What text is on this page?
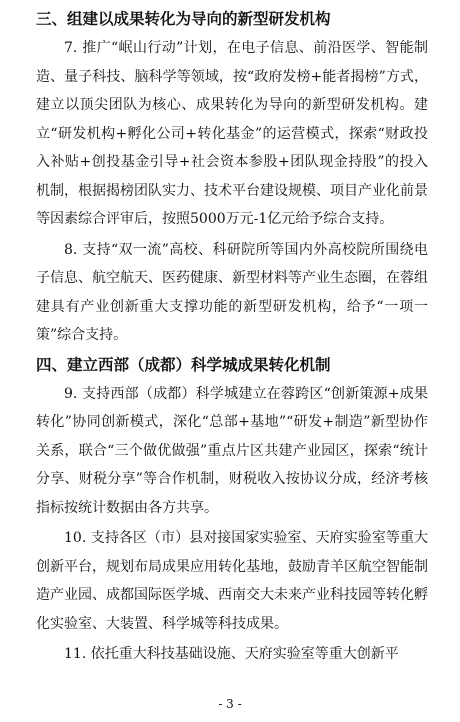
三、组建以成果转化为导向的新型研发机构

7. 推广“岷山行动”计划，在电子信息、前沿医学、智能制造、量子科技、脑科学等领域，按“政府发榜+能者揭榜”方式，建立以顶尖团队为核心、成果转化为导向的新型研发机构。建立“研发机构+孵化公司+转化基金”的运营模式，探索“财政投入补贴+创投基金引导+社会资本参股+团队现金持股”的投入机制，根据揭榜团队实力、技术平台建设规模、项目产业化前景等因素综合评审后，按照5000万元-1亿元给予综合支持。

8. 支持“双一流”高校、科研院所等国内外高校院所围绕电子信息、航空航天、医药健康、新型材料等产业生态圈，在蓉组建具有产业创新重大支撑功能的新型研发机构，给予“一项一策”综合支持。

四、建立西部（成都）科学城成果转化机制

9. 支持西部（成都）科学城建立在蓉跨区“创新策源+成果转化”协同创新模式，深化“总部+基地”“研发+制造”新型协作关系，联合“三个做优做强”重点片区共建产业园区，探索“统计分享、财税分享”等合作机制，财税收入按协议分成，经济考核指标按统计数据由各方共享。

10. 支持各区（市）县对接国家实验室、天府实验室等重大创新平台，规划布局成果应用转化基地，鼓励青羊区航空智能制造产业园、成都国际医学城、西南交大未来产业科技园等转化孵化实验室、大装置、科学城等科技成果。

11. 依托重大科技基础设施、天府实验室等重大创新平

- 3 -
